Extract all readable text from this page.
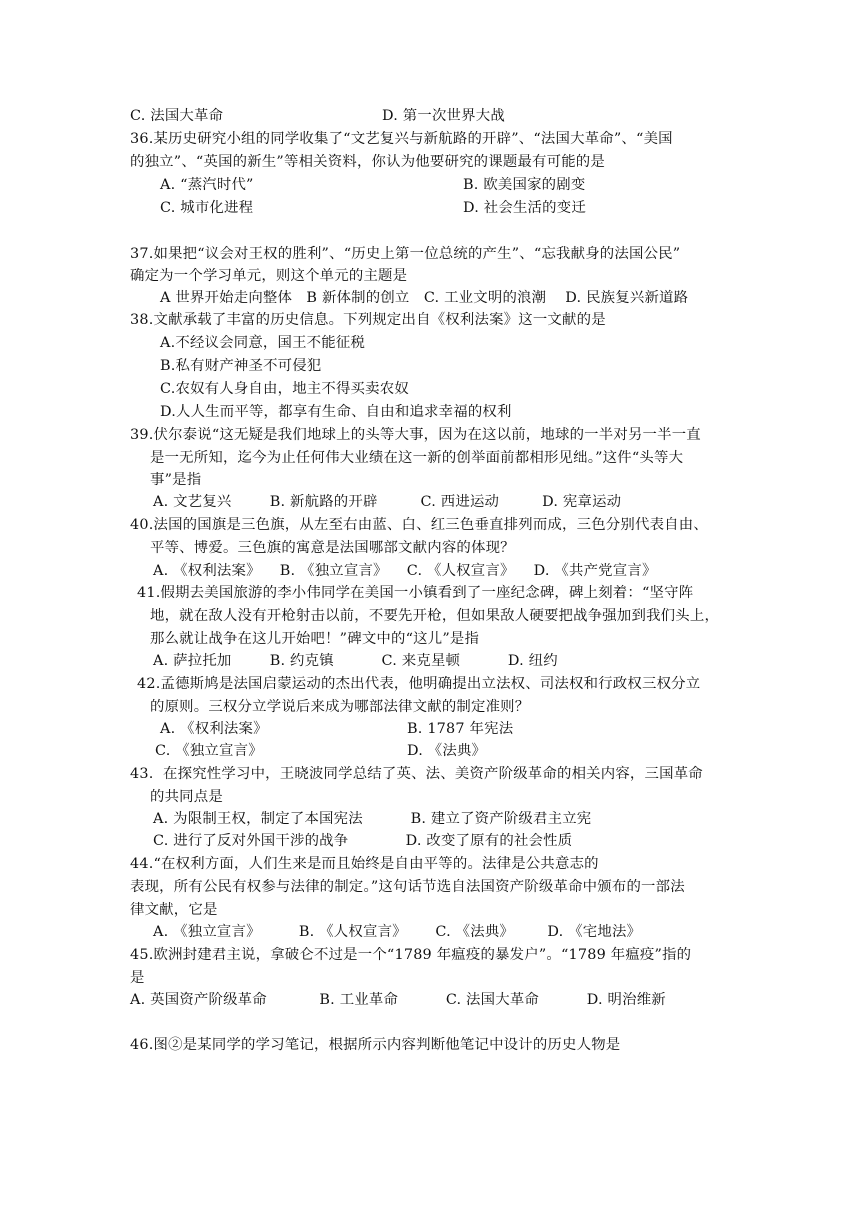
C. 法国大革命	D. 第一次世界大战
36.某历史研究小组的同学收集了“文艺复兴与新航路的开辟”、“法国大革命”、“美国
的独立”、“英国的新生”等相关资料，你认为他要研究的课题最有可能的是
A. “蒸汽时代”	B. 欧美国家的剧变
C. 城市化进程	D. 社会生活的变迁
37.如果把“议会对王权的胜利”、“历史上第一位总统的产生”、“忘我献身的法国公民”
确定为一个学习单元，则这个单元的主题是
A 世界开始走向整体   B 新体制的创立   C. 工业文明的浪潮    D. 民族复兴新道路
38.文献承载了丰富的历史信息。下列规定出自《权利法案》这一文献的是
A.不经议会同意，国王不能征税
B.私有财产神圣不可侵犯
C.农奴有人身自由，地主不得买卖农奴
D.人人生而平等，都享有生命、自由和追求幸福的权利
39.伏尔泰说“这无疑是我们地球上的头等大事，因为在这以前，地球的一半对另一半一直
是一无所知，迄今为止任何伟大业绩在这一新的创举面前都相形见绌。”这件“头等大
事”是指
A. 文艺复兴        B. 新航路的开辟         C. 西进运动         D. 宪章运动
40.法国的国旗是三色旗，从左至右由蓝、白、红三色垂直排列而成，三色分别代表自由、
平等、博爱。三色旗的寓意是法国哪部文献内容的体现？
A. 《权利法案》    B. 《独立宣言》    C. 《人权宣言》    D. 《共产党宣言》
41.假期去美国旅游的李小伟同学在美国一小镇看到了一座纪念碑，碑上刻着：“坚守阵
地，就在敌人没有开枪射击以前，不要先开枪，但如果敌人硬要把战争强加到我们头上，
那么就让战争在这儿开始吧！”碑文中的“这儿”是指
A. 萨拉托加        B. 约克镇          C. 来克星顿          D. 纽约
42.孟德斯鸠是法国启蒙运动的杰出代表，他明确提出立法权、司法权和行政权三权分立
的原则。三权分立学说后来成为哪部法律文献的制定准则？
A. 《权利法案》	B. 1787 年宪法
C. 《独立宣言》	D. 《法典》
43.  在探究性学习中，王晓波同学总结了英、法、美资产阶级革命的相关内容，三国革命
的共同点是
A. 为限制王权，制定了本国宪法          B. 建立了资产阶级君主立宪
C. 进行了反对外国干涉的战争            D. 改变了原有的社会性质
44.“在权利方面，人们生来是而且始终是自由平等的。法律是公共意志的
表现，所有公民有权参与法律的制定。”这句话节选自法国资产阶级革命中颁布的一部法
律文献，它是
A. 《独立宣言》        B. 《人权宣言》      C. 《法典》       D. 《宅地法》
45.欧洲封建君主说，拿破仑不过是一个“1789 年瘟疫的暴发户”。“1789 年瘟疫”指的
是
A. 英国资产阶级革命           B. 工业革命          C. 法国大革命          D. 明治维新
46.图②是某同学的学习笔记，根据所示内容判断他笔记中设计的历史人物是
